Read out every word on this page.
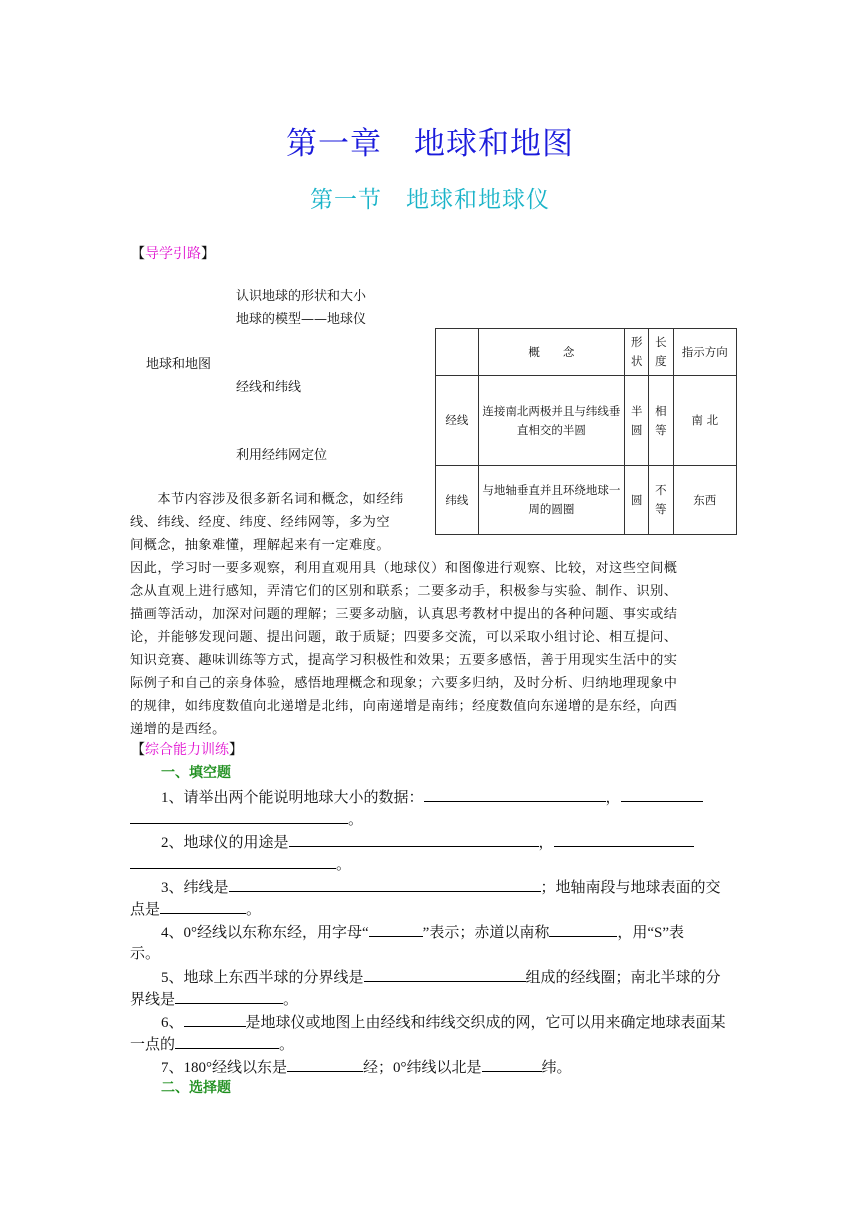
第一章　地球和地图
第一节　地球和地球仪
【导学引路】
地球和地图
认识地球的形状和大小
地球的模型——地球仪
经线和纬线
利用经纬网定位
	概　　念	形状	长度	指示方向
经线	连接南北两极并且与纬线垂直相交的半圆	半圆	相等	南 北
纬线	与地轴垂直并且环绕地球一周的圆圈	圆	不等	东西
　　本节内容涉及很多新名词和概念，如经纬
线、纬线、经度、纬度、经纬网等，多为空
间概念，抽象难懂，理解起来有一定难度。
因此，学习时一要多观察，利用直观用具（地球仪）和图像进行观察、比较，对这些空间概
念从直观上进行感知，弄清它们的区别和联系；二要多动手，积极参与实验、制作、识别、
描画等活动，加深对问题的理解；三要多动脑，认真思考教材中提出的各种问题、事实或结
论，并能够发现问题、提出问题，敢于质疑；四要多交流，可以采取小组讨论、相互提问、
知识竞赛、趣味训练等方式，提高学习积极性和效果；五要多感悟，善于用现实生活中的实
际例子和自己的亲身体验，感悟地理概念和现象；六要多归纳，及时分析、归纳地理现象中
的规律，如纬度数值向北递增是北纬，向南递增是南纬；经度数值向东递增的是东经，向西
递增的是西经。
【综合能力训练】
一、填空题
1、请举出两个能说明地球大小的数据：	，
。
2、地球仪的用途是	，
。
3、纬线是	；地轴南段与地球表面的交
点是	。
4、0°经线以东称东经，用字母“	”表示；赤道以南称	，用“S”表
示。
5、地球上东西半球的分界线是	组成的经线圈；南北半球的分
界线是	。
6、	是地球仪或地图上由经线和纬线交织成的网，它可以用来确定地球表面某
一点的	。
7、180°经线以东是	经；0°纬线以北是	纬。
二、选择题
